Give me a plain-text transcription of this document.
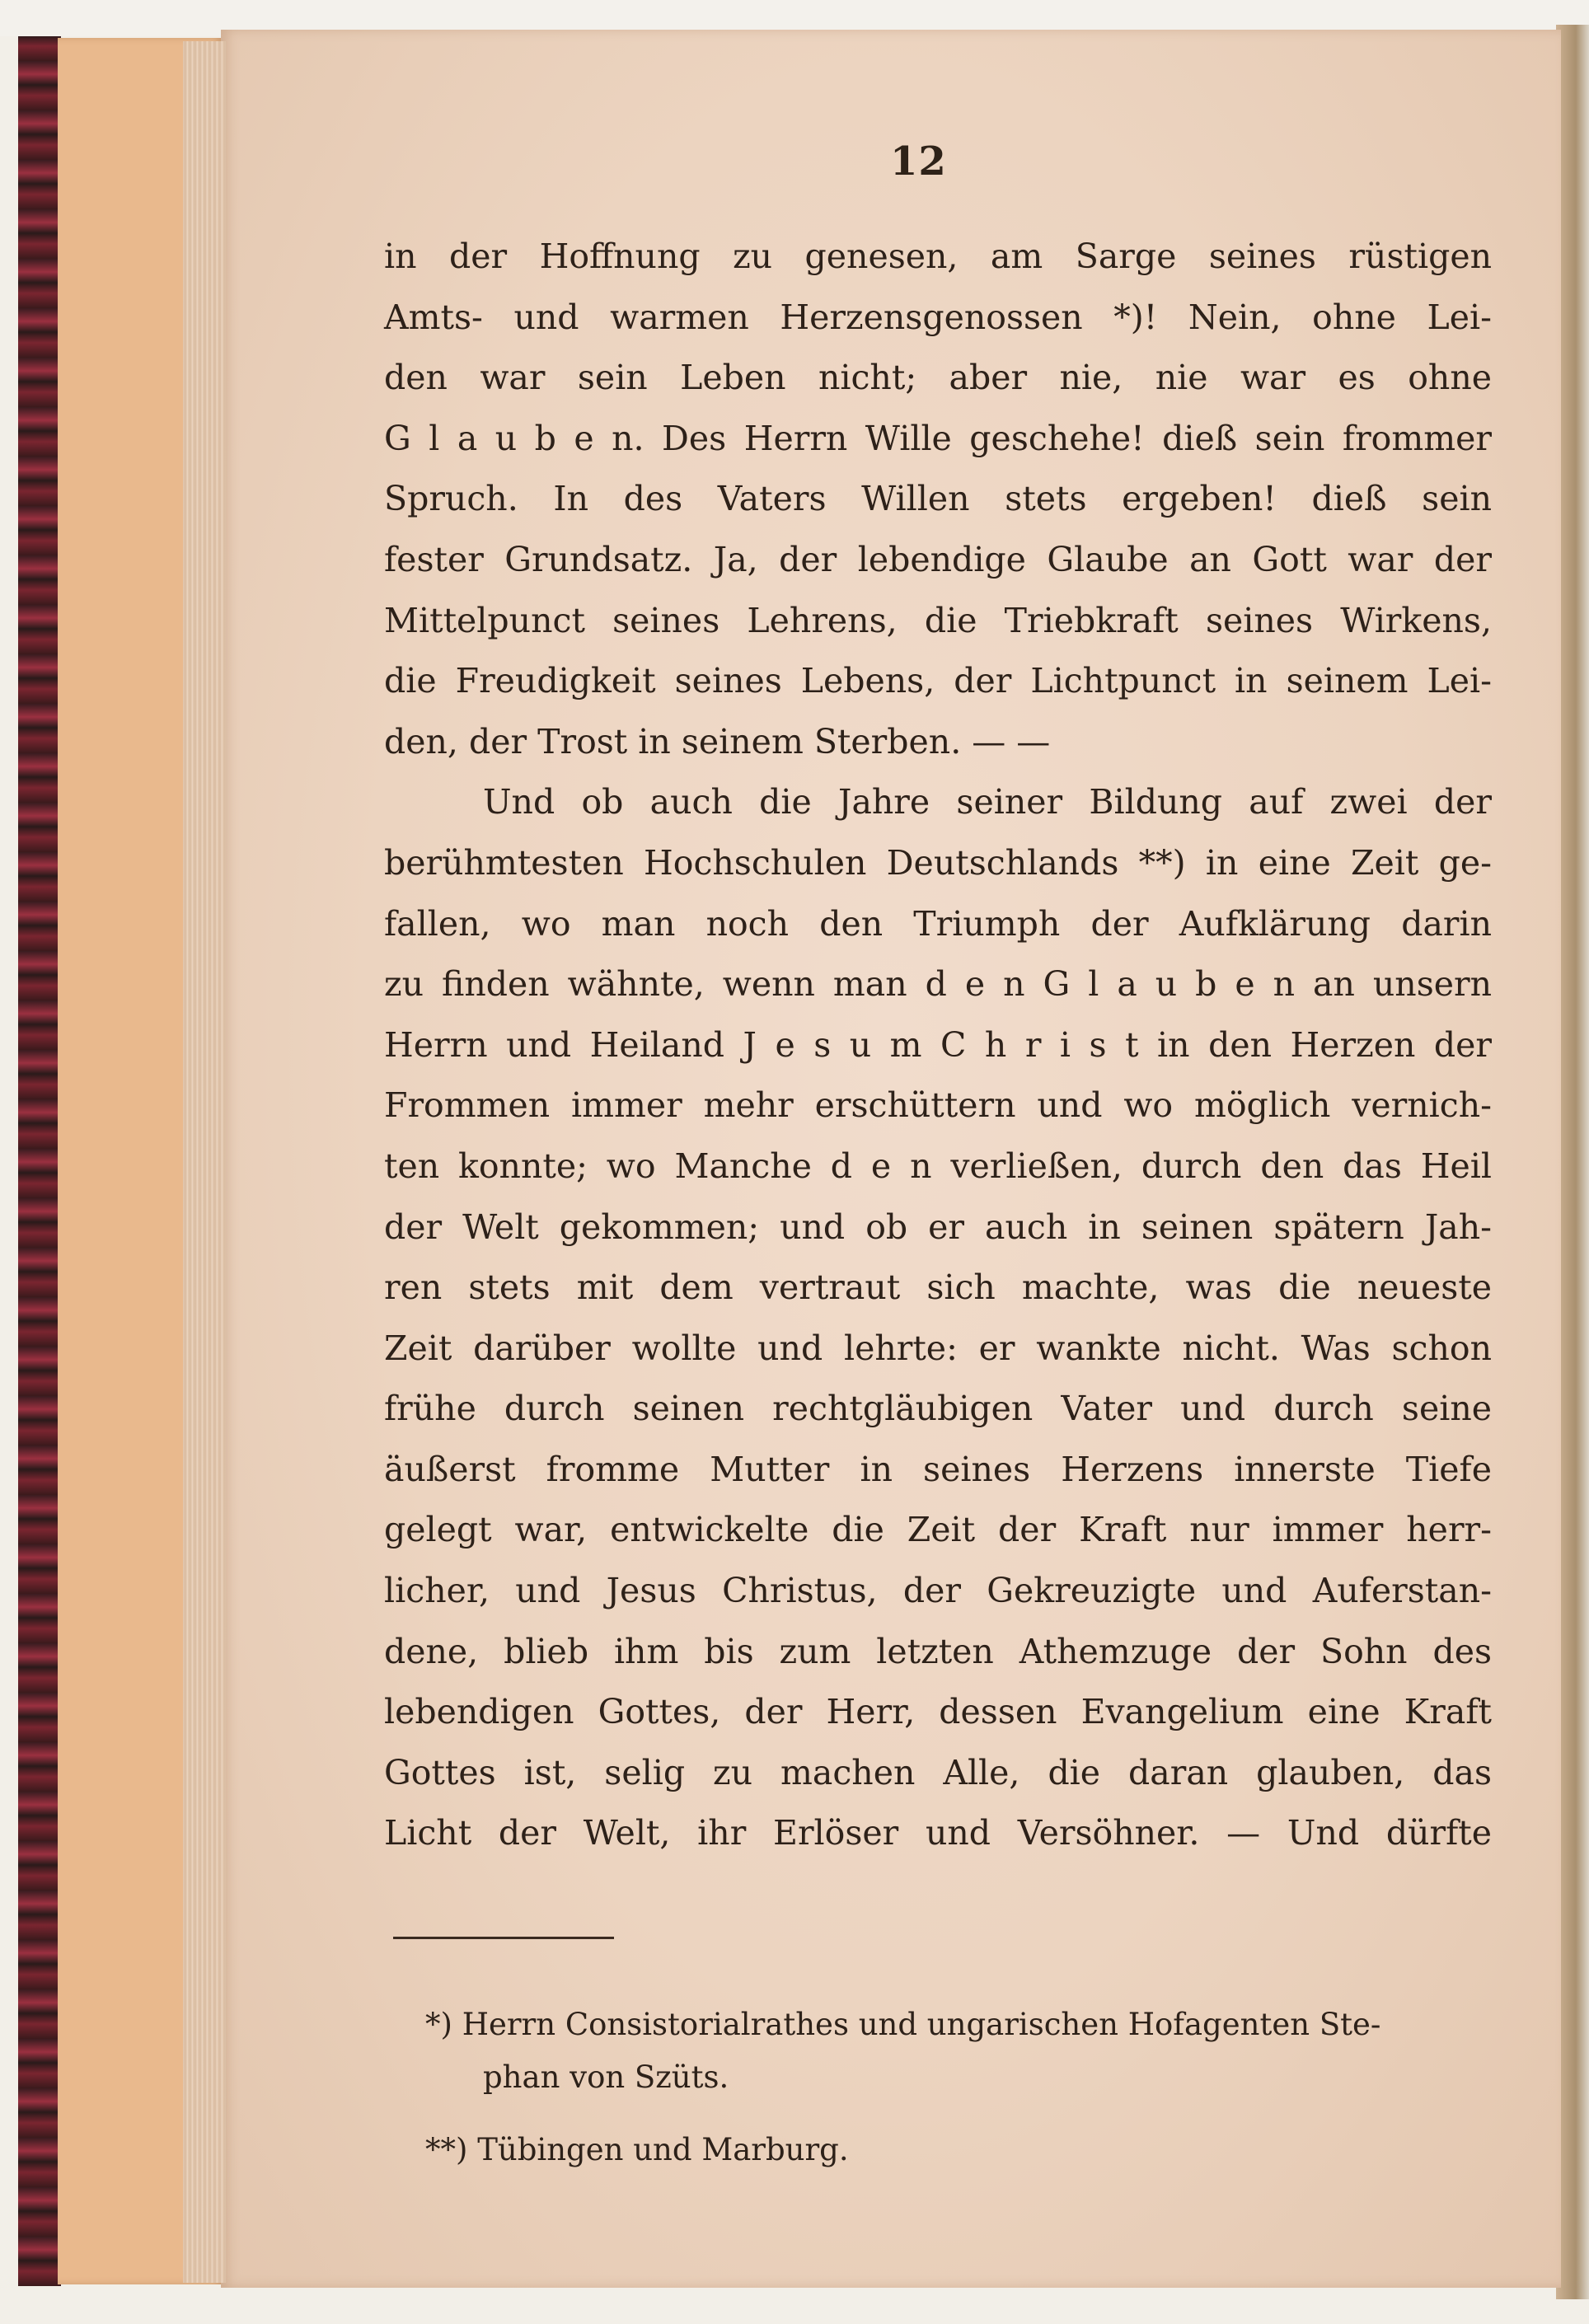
12
in der Hoffnung zu genesen, am Sarge seines rüstigen
Amts- und warmen Herzensgenossen *)! Nein, ohne Lei-
den war sein Leben nicht; aber nie, nie war es ohne
G l a u b e n. Des Herrn Wille geschehe! dieß sein frommer
Spruch. In des Vaters Willen stets ergeben! dieß sein
fester Grundsatz. Ja, der lebendige Glaube an Gott war der
Mittelpunct seines Lehrens, die Triebkraft seines Wirkens,
die Freudigkeit seines Lebens, der Lichtpunct in seinem Lei-
den, der Trost in seinem Sterben. — —
Und ob auch die Jahre seiner Bildung auf zwei der
berühmtesten Hochschulen Deutschlands **) in eine Zeit ge-
fallen, wo man noch den Triumph der Aufklärung darin
zu finden wähnte, wenn man d e n G l a u b e n an unsern
Herrn und Heiland J e s u m C h r i s t in den Herzen der
Frommen immer mehr erschüttern und wo möglich vernich-
ten konnte; wo Manche d e n verließen, durch den das Heil
der Welt gekommen; und ob er auch in seinen spätern Jah-
ren stets mit dem vertraut sich machte, was die neueste
Zeit darüber wollte und lehrte: er wankte nicht. Was schon
frühe durch seinen rechtgläubigen Vater und durch seine
äußerst fromme Mutter in seines Herzens innerste Tiefe
gelegt war, entwickelte die Zeit der Kraft nur immer herr-
licher, und Jesus Christus, der Gekreuzigte und Auferstan-
dene, blieb ihm bis zum letzten Athemzuge der Sohn des
lebendigen Gottes, der Herr, dessen Evangelium eine Kraft
Gottes ist, selig zu machen Alle, die daran glauben, das
Licht der Welt, ihr Erlöser und Versöhner. — Und dürfte
*) Herrn Consistorialrathes und ungarischen Hofagenten Ste-
phan von Szüts.
**) Tübingen und Marburg.
